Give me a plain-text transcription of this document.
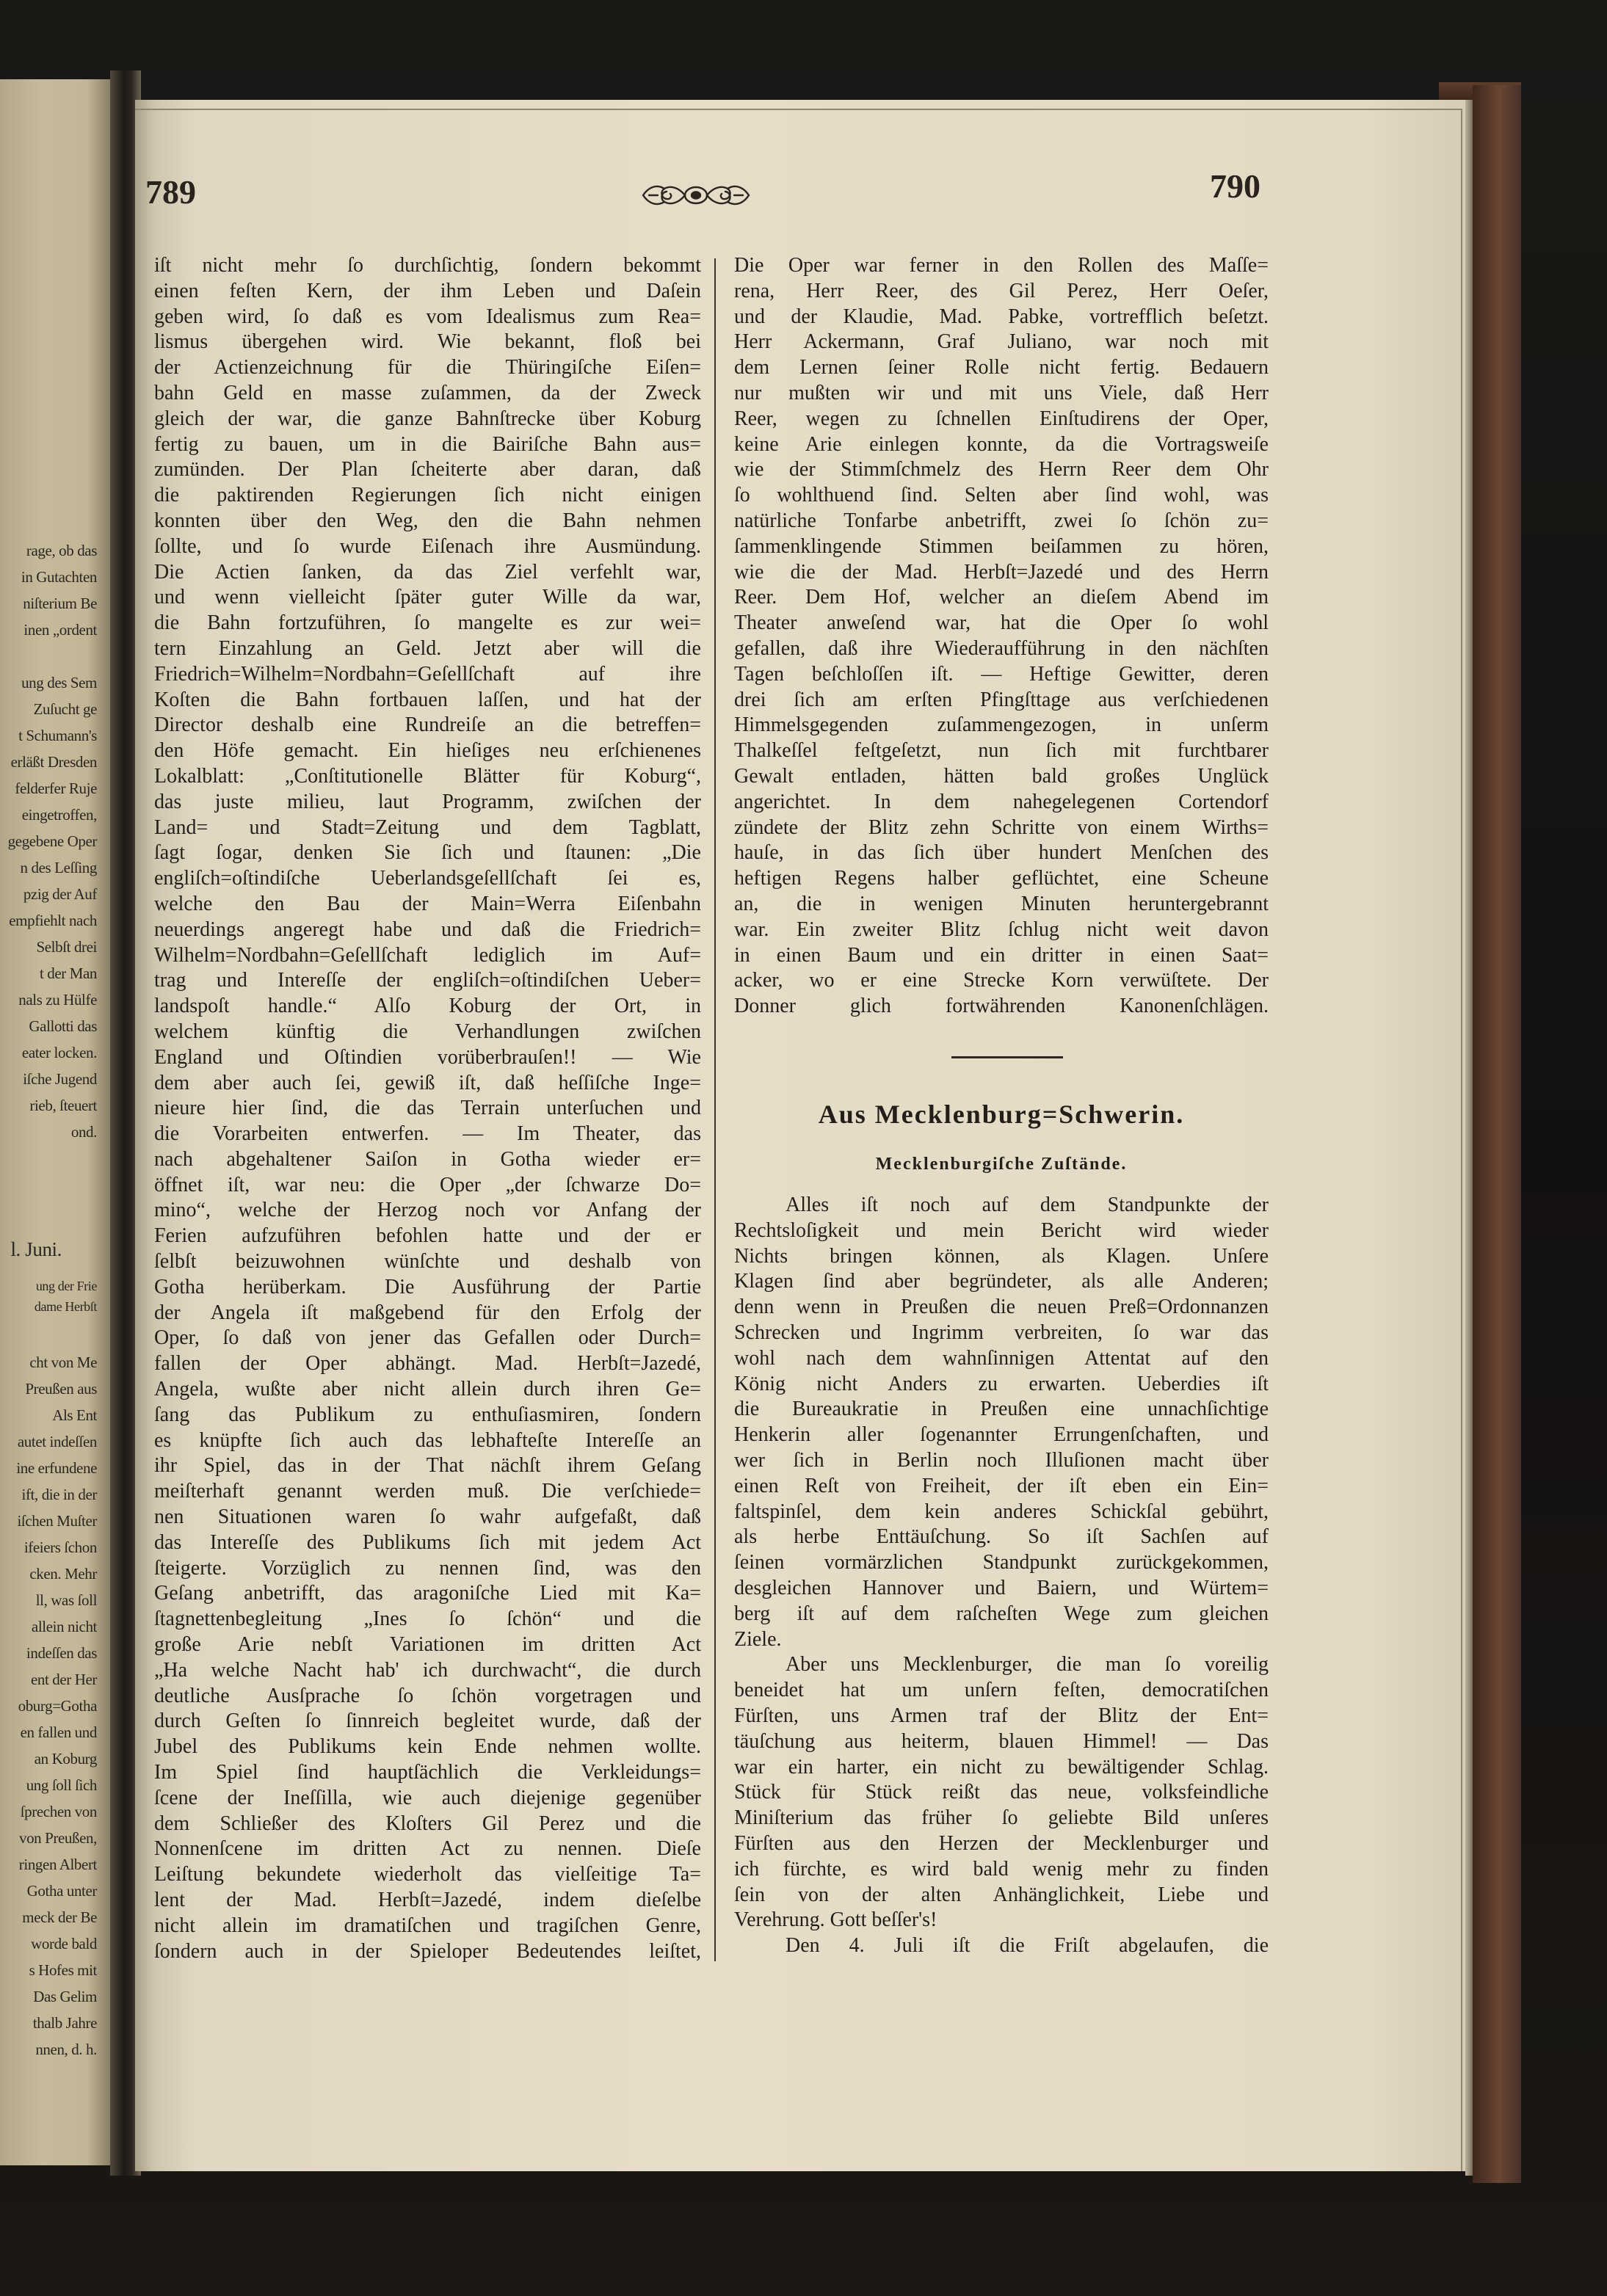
rage, ob das
in Gutachten
niſterium Be
inen „ordent
ung des Sem
Zuſucht ge
t Schumann's
erläßt Dresden
felderfer Ruje
eingetroffen,
gegebene Oper
n des Leſſing
pzig der Auf
empfiehlt nach
Selbſt drei
t der Man
nals zu Hülfe
Gallotti das
eater locken.
iſche Jugend
rieb, ſteuert
ond.
l. Juni.
ung der Frie
dame Herbſt
cht von Me
Preußen aus
Als Ent
autet indeſſen
ine erfundene
ift, die in der
iſchen Muſter
ifeiers ſchon
cken. Mehr
ll, was ſoll
allein nicht
indeſſen das
ent der Her
oburg=Gotha
en fallen und
an Koburg
ung ſoll ſich
ſprechen von
von Preußen,
ringen Albert
Gotha unter
meck der Be
worde bald
s Hofes mit
Das Gelim
thalb Jahre
nnen, d. h.
789	790
iſt nicht mehr ſo durchſichtig, ſondern bekommt
einen feſten Kern, der ihm Leben und Daſein
geben wird, ſo daß es vom Idealismus zum Rea=
lismus übergehen wird. Wie bekannt, floß bei
der Actienzeichnung für die Thüringiſche Eiſen=
bahn Geld en masse zuſammen, da der Zweck
gleich der war, die ganze Bahnſtrecke über Koburg
fertig zu bauen, um in die Bairiſche Bahn aus=
zumünden. Der Plan ſcheiterte aber daran, daß
die paktirenden Regierungen ſich nicht einigen
konnten über den Weg, den die Bahn nehmen
ſollte, und ſo wurde Eiſenach ihre Ausmündung.
Die Actien ſanken, da das Ziel verfehlt war,
und wenn vielleicht ſpäter guter Wille da war,
die Bahn fortzuführen, ſo mangelte es zur wei=
tern Einzahlung an Geld. Jetzt aber will die
Friedrich=Wilhelm=Nordbahn=Geſellſchaft auf ihre
Koſten die Bahn fortbauen laſſen, und hat der
Director deshalb eine Rundreiſe an die betreffen=
den Höfe gemacht. Ein hieſiges neu erſchienenes
Lokalblatt: „Conſtitutionelle Blätter für Koburg“,
das juste milieu, laut Programm, zwiſchen der
Land= und Stadt=Zeitung und dem Tagblatt,
ſagt ſogar, denken Sie ſich und ſtaunen: „Die
engliſch=oſtindiſche Ueberlandsgeſellſchaft ſei es,
welche den Bau der Main=Werra Eiſenbahn
neuerdings angeregt habe und daß die Friedrich=
Wilhelm=Nordbahn=Geſellſchaft lediglich im Auf=
trag und Intereſſe der engliſch=oſtindiſchen Ueber=
landspoſt handle.“ Alſo Koburg der Ort, in
welchem künftig die Verhandlungen zwiſchen
England und Oſtindien vorüberbrauſen!! — Wie
dem aber auch ſei, gewiß iſt, daß heſſiſche Inge=
nieure hier ſind, die das Terrain unterſuchen und
die Vorarbeiten entwerfen. — Im Theater, das
nach abgehaltener Saiſon in Gotha wieder er=
öffnet iſt, war neu: die Oper „der ſchwarze Do=
mino“, welche der Herzog noch vor Anfang der
Ferien aufzuführen befohlen hatte und der er
ſelbſt beizuwohnen wünſchte und deshalb von
Gotha herüberkam. Die Ausführung der Partie
der Angela iſt maßgebend für den Erfolg der
Oper, ſo daß von jener das Gefallen oder Durch=
fallen der Oper abhängt. Mad. Herbſt=Jazedé,
Angela, wußte aber nicht allein durch ihren Ge=
ſang das Publikum zu enthuſiasmiren, ſondern
es knüpfte ſich auch das lebhafteſte Intereſſe an
ihr Spiel, das in der That nächſt ihrem Geſang
meiſterhaft genannt werden muß. Die verſchiede=
nen Situationen waren ſo wahr aufgefaßt, daß
das Intereſſe des Publikums ſich mit jedem Act
ſteigerte. Vorzüglich zu nennen ſind, was den
Geſang anbetrifft, das aragoniſche Lied mit Ka=
ſtagnettenbegleitung „Ines ſo ſchön“ und die
große Arie nebſt Variationen im dritten Act
„Ha welche Nacht hab' ich durchwacht“, die durch
deutliche Ausſprache ſo ſchön vorgetragen und
durch Geſten ſo ſinnreich begleitet wurde, daß der
Jubel des Publikums kein Ende nehmen wollte.
Im Spiel ſind hauptſächlich die Verkleidungs=
ſcene der Ineſſilla, wie auch diejenige gegenüber
dem Schließer des Kloſters Gil Perez und die
Nonnenſcene im dritten Act zu nennen. Dieſe
Leiſtung bekundete wiederholt das vielſeitige Ta=
lent der Mad. Herbſt=Jazedé, indem dieſelbe
nicht allein im dramatiſchen und tragiſchen Genre,
ſondern auch in der Spieloper Bedeutendes leiſtet,
Die Oper war ferner in den Rollen des Maſſe=
rena, Herr Reer, des Gil Perez, Herr Oeſer,
und der Klaudie, Mad. Pabke, vortrefflich beſetzt.
Herr Ackermann, Graf Juliano, war noch mit
dem Lernen ſeiner Rolle nicht fertig. Bedauern
nur mußten wir und mit uns Viele, daß Herr
Reer, wegen zu ſchnellen Einſtudirens der Oper,
keine Arie einlegen konnte, da die Vortragsweiſe
wie der Stimmſchmelz des Herrn Reer dem Ohr
ſo wohlthuend ſind. Selten aber ſind wohl, was
natürliche Tonfarbe anbetrifft, zwei ſo ſchön zu=
ſammenklingende Stimmen beiſammen zu hören,
wie die der Mad. Herbſt=Jazedé und des Herrn
Reer. Dem Hof, welcher an dieſem Abend im
Theater anweſend war, hat die Oper ſo wohl
gefallen, daß ihre Wiederaufführung in den nächſten
Tagen beſchloſſen iſt. — Heftige Gewitter, deren
drei ſich am erſten Pfingſttage aus verſchiedenen
Himmelsgegenden zuſammengezogen, in unſerm
Thalkeſſel feſtgeſetzt, nun ſich mit furchtbarer
Gewalt entladen, hätten bald großes Unglück
angerichtet. In dem nahegelegenen Cortendorf
zündete der Blitz zehn Schritte von einem Wirths=
hauſe, in das ſich über hundert Menſchen des
heftigen Regens halber geflüchtet, eine Scheune
an, die in wenigen Minuten heruntergebrannt
war. Ein zweiter Blitz ſchlug nicht weit davon
in einen Baum und ein dritter in einen Saat=
acker, wo er eine Strecke Korn verwüſtete. Der
Donner glich fortwährenden Kanonenſchlägen.
Aus Mecklenburg=Schwerin.
Mecklenburgiſche Zuſtände.
Alles iſt noch auf dem Standpunkte der
Rechtsloſigkeit und mein Bericht wird wieder
Nichts bringen können, als Klagen. Unſere
Klagen ſind aber begründeter, als alle Anderen;
denn wenn in Preußen die neuen Preß=Ordonnanzen
Schrecken und Ingrimm verbreiten, ſo war das
wohl nach dem wahnſinnigen Attentat auf den
König nicht Anders zu erwarten. Ueberdies iſt
die Bureaukratie in Preußen eine unnachſichtige
Henkerin aller ſogenannter Errungenſchaften, und
wer ſich in Berlin noch Illuſionen macht über
einen Reſt von Freiheit, der iſt eben ein Ein=
faltspinſel, dem kein anderes Schickſal gebührt,
als herbe Enttäuſchung. So iſt Sachſen auf
ſeinen vormärzlichen Standpunkt zurückgekommen,
desgleichen Hannover und Baiern, und Würtem=
berg iſt auf dem raſcheſten Wege zum gleichen
Ziele.
Aber uns Mecklenburger, die man ſo voreilig
beneidet hat um unſern feſten, democratiſchen
Fürſten, uns Armen traf der Blitz der Ent=
täuſchung aus heiterm, blauen Himmel! — Das
war ein harter, ein nicht zu bewältigender Schlag.
Stück für Stück reißt das neue, volksfeindliche
Miniſterium das früher ſo geliebte Bild unſeres
Fürſten aus den Herzen der Mecklenburger und
ich fürchte, es wird bald wenig mehr zu finden
ſein von der alten Anhänglichkeit, Liebe und
Verehrung. Gott beſſer's!
Den 4. Juli iſt die Friſt abgelaufen, die
